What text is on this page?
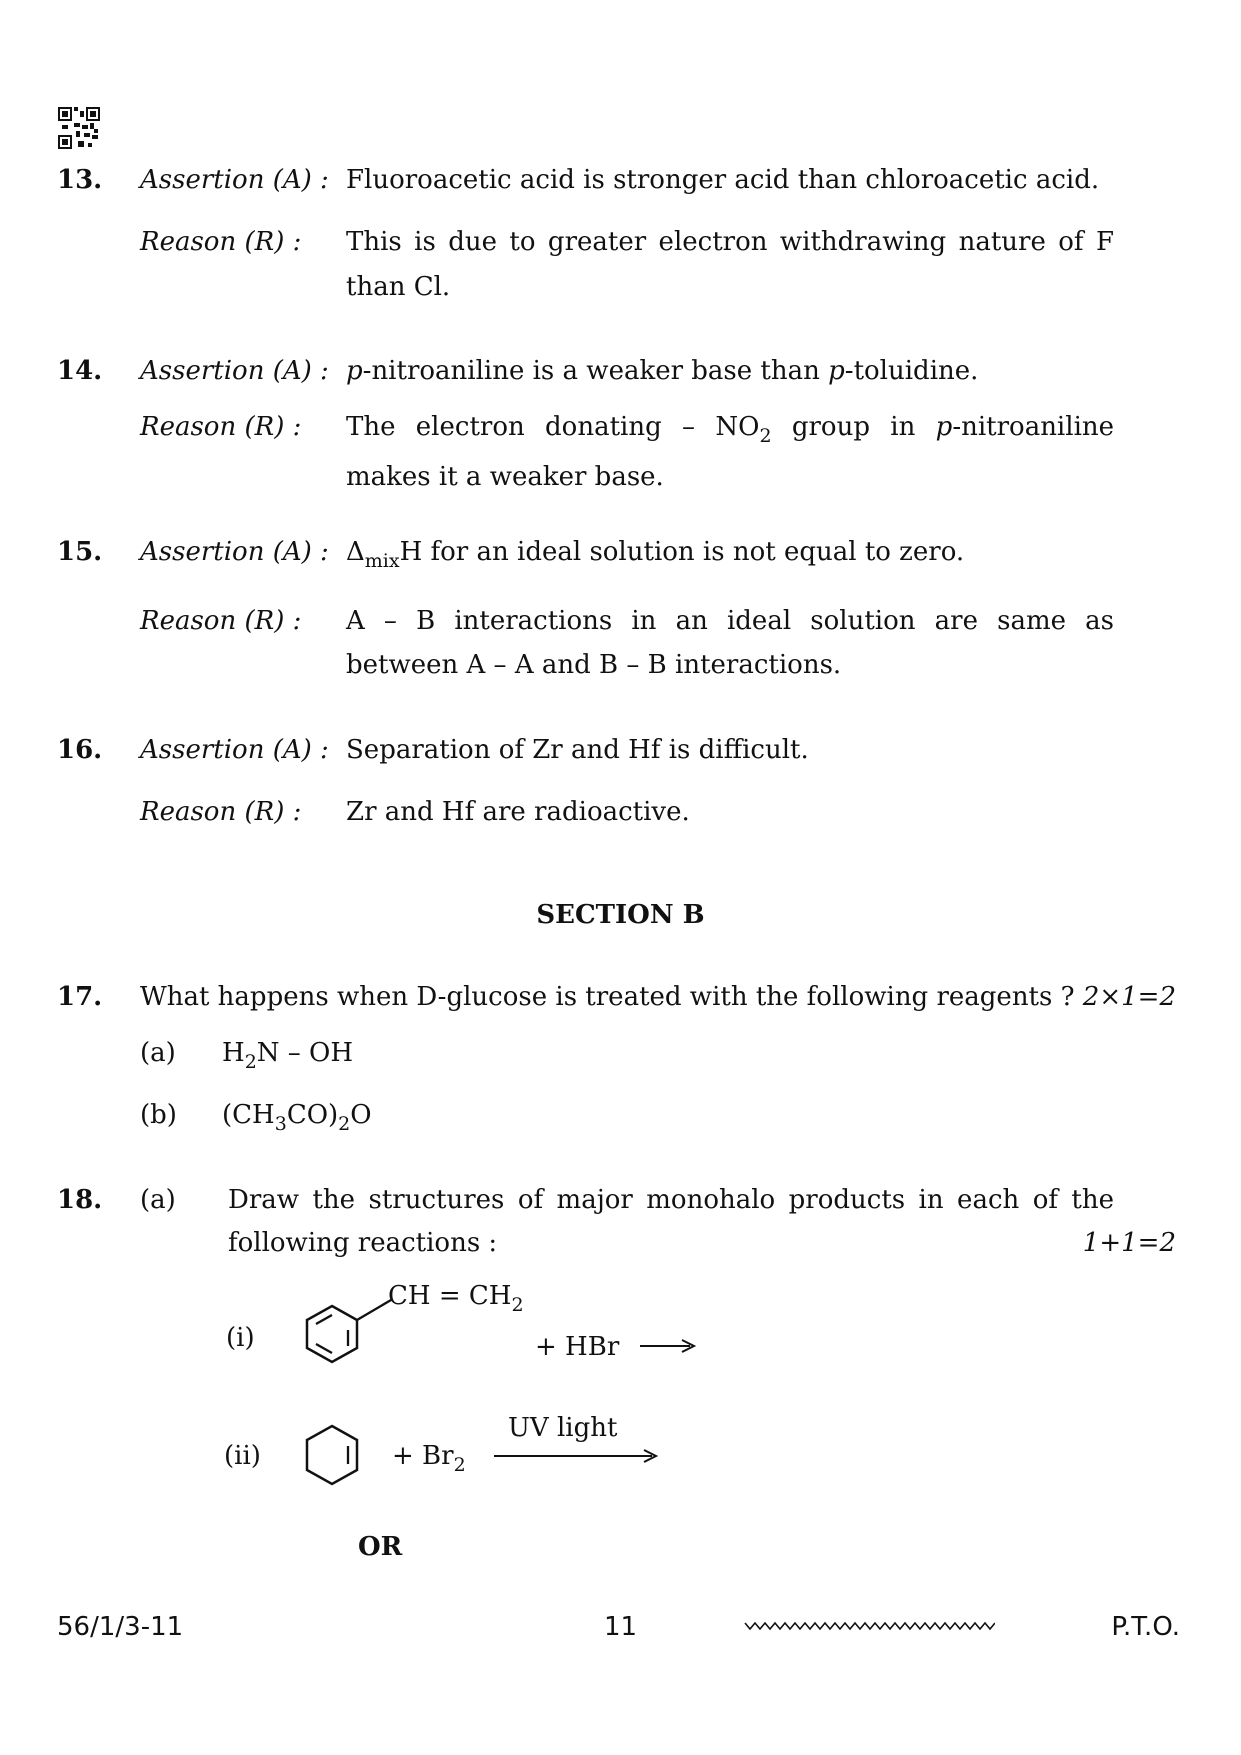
13. Assertion (A) : Fluoroacetic acid is stronger acid than chloroacetic acid.
Reason (R) : This is due to greater electron withdrawing nature of F
than Cl.
14. Assertion (A) : p-nitroaniline is a weaker base than p-toluidine.
Reason (R) : The electron donating – $NO_2$ group in p-nitroaniline
makes it a weaker base.
15. Assertion (A) : $\Delta_{mix}H$ for an ideal solution is not equal to zero.
Reason (R) : A – B interactions in an ideal solution are same as
between A – A and B – B interactions.
16. Assertion (A) : Separation of Zr and Hf is difficult.
Reason (R) : Zr and Hf are radioactive.
SECTION B
17. What happens when D-glucose is treated with the following reagents ? 2×1=2
(a) $H_2N$ – OH
(b) $(CH_3CO)_2O$
18. (a) Draw the structures of major monohalo products in each of the
following reactions :	1+1=2
(i)
CH = $CH_2$
+ HBr →
(ii)	+ $Br_2$
UV light
OR
56/1/3-11	11	P.T.O.
